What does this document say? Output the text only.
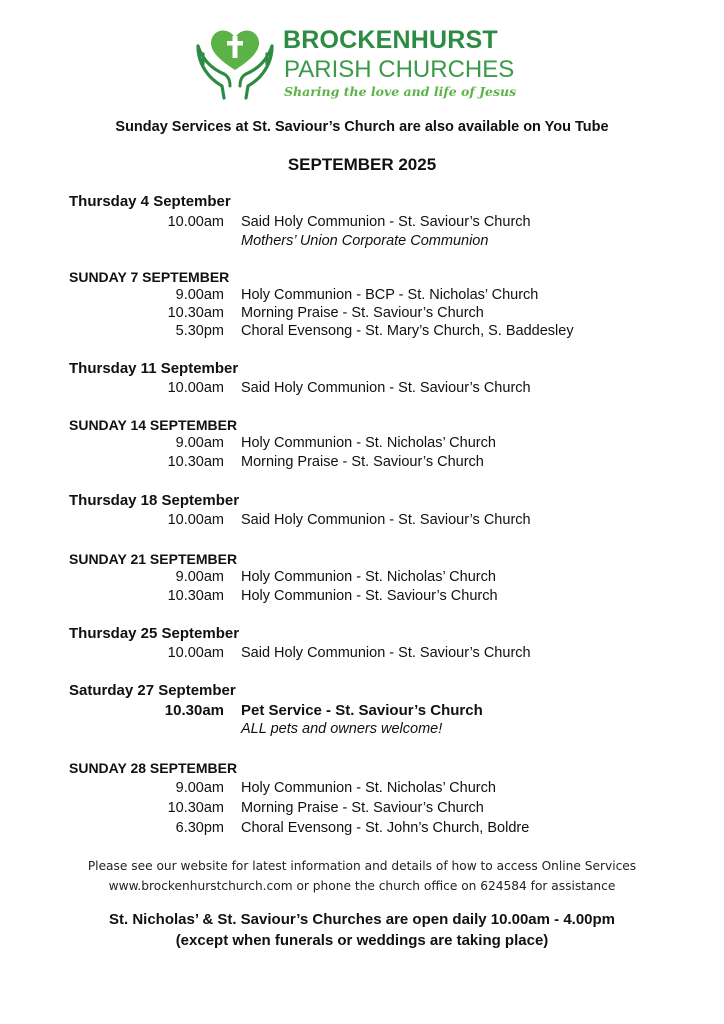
BROCKENHURST
PARISH CHURCHES
Sharing the love and life of Jesus
Sunday Services at St. Saviour’s Church are also available on You Tube
SEPTEMBER 2025
Thursday 4 September
10.00am Said Holy Communion - St. Saviour’s Church
Mothers’ Union Corporate Communion
SUNDAY 7 SEPTEMBER
9.00am Holy Communion - BCP - St. Nicholas’ Church
10.30am Morning Praise - St. Saviour’s Church
5.30pm Choral Evensong - St. Mary’s Church, S. Baddesley
Thursday 11 September
10.00am Said Holy Communion - St. Saviour’s Church
SUNDAY 14 SEPTEMBER
9.00am Holy Communion - St. Nicholas’ Church
10.30am Morning Praise - St. Saviour’s Church
Thursday 18 September
10.00am Said Holy Communion - St. Saviour’s Church
SUNDAY 21 SEPTEMBER
9.00am Holy Communion - St. Nicholas’ Church
10.30am Holy Communion - St. Saviour’s Church
Thursday 25 September
10.00am Said Holy Communion - St. Saviour’s Church
Saturday 27 September
10.30am Pet Service - St. Saviour’s Church
ALL pets and owners welcome!
SUNDAY 28 SEPTEMBER
9.00am Holy Communion - St. Nicholas’ Church
10.30am Morning Praise - St. Saviour’s Church
6.30pm Choral Evensong - St. John’s Church, Boldre
Please see our website for latest information and details of how to access Online Services
www.brockenhurstchurch.com or phone the church office on 624584 for assistance
St. Nicholas’ & St. Saviour’s Churches are open daily 10.00am - 4.00pm
(except when funerals or weddings are taking place)
